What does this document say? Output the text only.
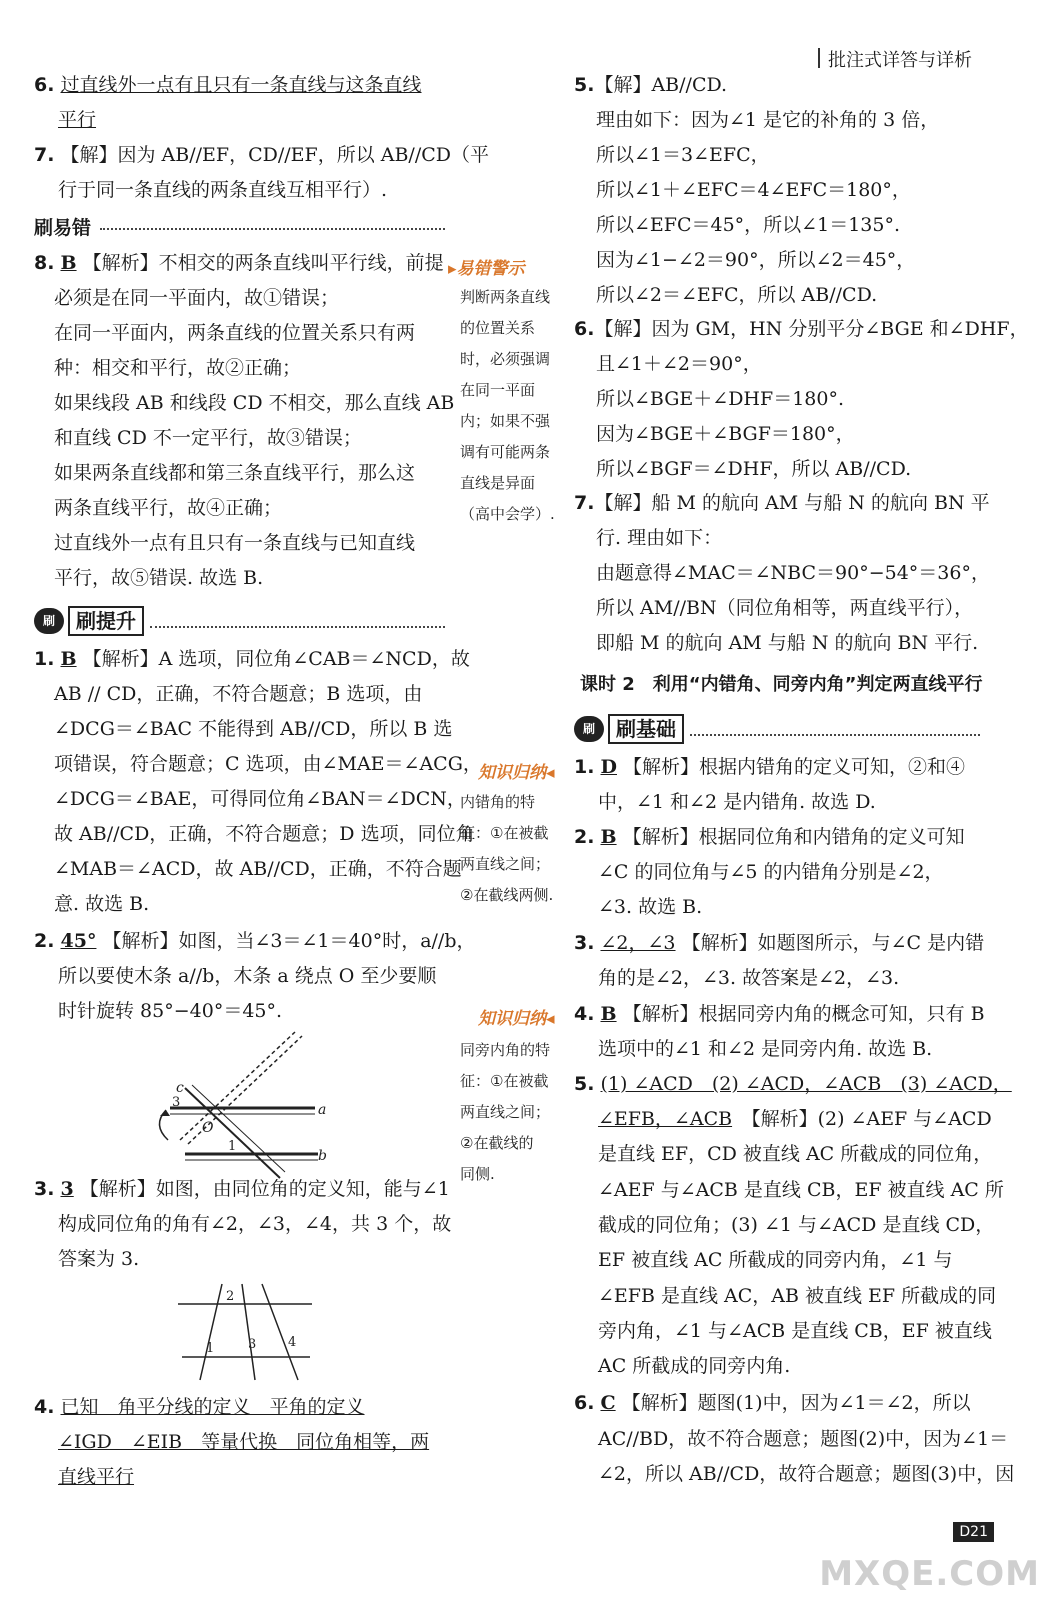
批注式详答与详析
6. 过直线外一点有且只有一条直线与这条直线
平行
7. 【解】因为 AB//EF，CD//EF，所以 AB//CD（平
行于同一条直线的两条直线互相平行）.
刷易错
8. B 【解析】不相交的两条直线叫平行线，前提
必须是在同一平面内，故①错误；
在同一平面内，两条直线的位置关系只有两
种：相交和平行，故②正确；
如果线段 AB 和线段 CD 不相交，那么直线 AB
和直线 CD 不一定平行，故③错误；
如果两条直线都和第三条直线平行，那么这
两条直线平行，故④正确；
过直线外一点有且只有一条直线与已知直线
平行，故⑤错误. 故选 B.
刷	刷提升
1. B 【解析】A 选项，同位角∠CAB＝∠NCD，故
AB // CD，正确，不符合题意；B 选项，由
∠DCG＝∠BAC 不能得到 AB//CD，所以 B 选
项错误，符合题意；C 选项，由∠MAE＝∠ACG，
∠DCG＝∠BAE，可得同位角∠BAN＝∠DCN，
故 AB//CD，正确，不符合题意；D 选项，同位角
∠MAB＝∠ACD，故 AB//CD，正确，不符合题
意. 故选 B.
2. 45° 【解析】如图，当∠3＝∠1＝40°时，a//b，
所以要使木条 a//b，木条 a 绕点 O 至少要顺
时针旋转 85°−40°＝45°.
c
3
O
1
a
b
3. 3 【解析】如图，由同位角的定义知，能与∠1
构成同位角的角有∠2，∠3，∠4，共 3 个，故
答案为 3.
2
1	3 4
4. 已知　角平分线的定义　平角的定义
∠IGD　∠EIB　等量代换　同位角相等，两
直线平行
▸易错警示
判断两条直线
的位置关系
时，必须强调
在同一平面
内；如果不强
调有可能两条
直线是异面
（高中会学）.
知识归纳◂
内错角的特
征：①在被截
两直线之间；
②在截线两侧.
知识归纳◂
同旁内角的特
征：①在被截
两直线之间；
②在截线的
同侧.
5.【解】AB//CD.
理由如下：因为∠1 是它的补角的 3 倍，
所以∠1＝3∠EFC，
所以∠1＋∠EFC＝4∠EFC＝180°，
所以∠EFC＝45°，所以∠1＝135°.
因为∠1−∠2＝90°，所以∠2＝45°，
所以∠2＝∠EFC，所以 AB//CD.
6.【解】因为 GM，HN 分别平分∠BGE 和∠DHF，
且∠1＋∠2＝90°，
所以∠BGE＋∠DHF＝180°.
因为∠BGE＋∠BGF＝180°，
所以∠BGF＝∠DHF，所以 AB//CD.
7.【解】船 M 的航向 AM 与船 N 的航向 BN 平
行. 理由如下：
由题意得∠MAC＝∠NBC＝90°−54°＝36°，
所以 AM//BN（同位角相等，两直线平行），
即船 M 的航向 AM 与船 N 的航向 BN 平行.
课时 2　利用“内错角、同旁内角”判定两直线平行
刷	刷基础
1. D 【解析】根据内错角的定义可知，②和④
中，∠1 和∠2 是内错角. 故选 D.
2. B 【解析】根据同位角和内错角的定义可知
∠C 的同位角与∠5 的内错角分别是∠2，
∠3. 故选 B.
3. ∠2，∠3 【解析】如题图所示，与∠C 是内错
角的是∠2，∠3. 故答案是∠2，∠3.
4. B 【解析】根据同旁内角的概念可知，只有 B
选项中的∠1 和∠2 是同旁内角. 故选 B.
5. (1) ∠ACD　(2) ∠ACD，∠ACB　(3) ∠ACD，
∠EFB，∠ACB　 【解析】(2) ∠AEF 与∠ACD
是直线 EF，CD 被直线 AC 所截成的同位角，
∠AEF 与∠ACB 是直线 CB，EF 被直线 AC 所
截成的同位角；(3) ∠1 与∠ACD 是直线 CD，
EF 被直线 AC 所截成的同旁内角，∠1 与
∠EFB 是直线 AC，AB 被直线 EF 所截成的同
旁内角，∠1 与∠ACB 是直线 CB，EF 被直线
AC 所截成的同旁内角.
6. C 【解析】题图(1)中，因为∠1＝∠2，所以
AC//BD，故不符合题意；题图(2)中，因为∠1＝
∠2，所以 AB//CD，故符合题意；题图(3)中，因
D21
MXQE.COM
